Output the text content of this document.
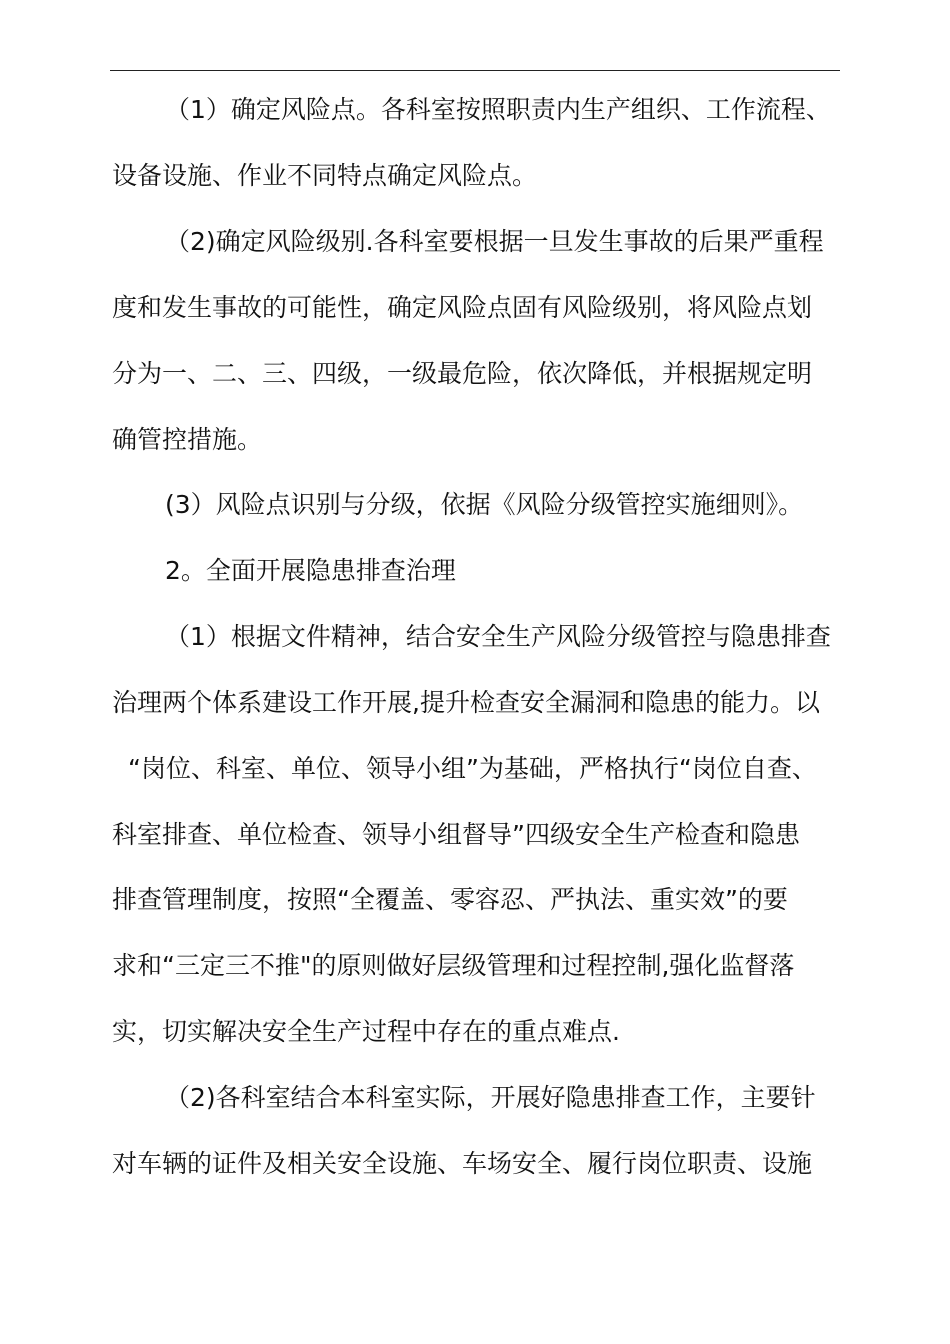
（1）确定风险点。各科室按照职责内生产组织、工作流程、
设备设施、作业不同特点确定风险点。
（2)确定风险级别.各科室要根据一旦发生事故的后果严重程
度和发生事故的可能性，确定风险点固有风险级别，将风险点划
分为一、二、三、四级，一级最危险，依次降低，并根据规定明
确管控措施。
(3）风险点识别与分级，依据《风险分级管控实施细则》。
2。全面开展隐患排查治理
（1）根据文件精神，结合安全生产风险分级管控与隐患排查
治理两个体系建设工作开展,提升检查安全漏洞和隐患的能力。以
“岗位、科室、单位、领导小组”为基础，严格执行“岗位自查、
科室排查、单位检查、领导小组督导”四级安全生产检查和隐患
排查管理制度，按照“全覆盖、零容忍、严执法、重实效”的要
求和“三定三不推"的原则做好层级管理和过程控制,强化监督落
实，切实解决安全生产过程中存在的重点难点.
（2)各科室结合本科室实际，开展好隐患排查工作，主要针
对车辆的证件及相关安全设施、车场安全、履行岗位职责、设施
